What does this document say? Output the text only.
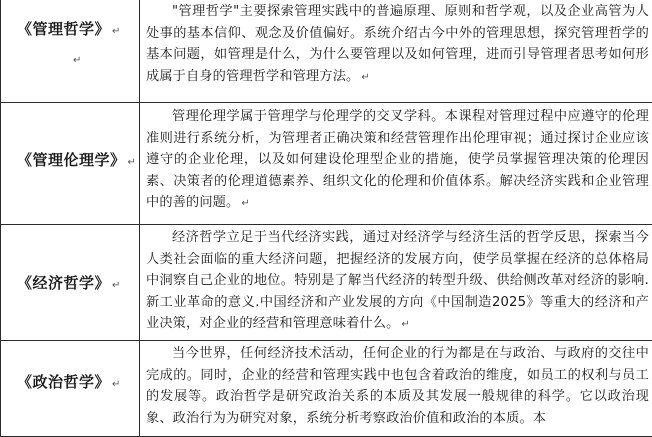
《管理哲学》 ↵
↵	"管理哲学"主要探索管理实践中的普遍原理、原则和哲学观，以及企业高管为人处事的基本信仰、观念及价值偏好。系统介绍古今中外的管理思想，探究管理哲学的基本问题，如管理是什么，为什么要管理以及如何管理，进而引导管理者思考如何形成属于自身的管理哲学和管理方法。 ↵

《管理伦理学》 ↵	管理伦理学属于管理学与伦理学的交叉学科。本课程对管理过程中应遵守的伦理准则进行系统分析，为管理者正确决策和经营管理作出伦理审视；通过探讨企业应该遵守的企业伦理，以及如何建设伦理型企业的措施，使学员掌握管理决策的伦理因素、决策者的伦理道德素养、组织文化的伦理和价值体系。解决经济实践和企业管理中的善的问题。 ↵

《经济哲学》 ↵	经济哲学立足于当代经济实践，通过对经济学与经济生活的哲学反思，探索当今人类社会面临的重大经济问题，把握经济的发展方向，使学员掌握在经济的总体格局中洞察自己企业的地位。特别是了解当代经济的转型升级、供给侧改革对经济的影响.新工业革命的意义.中国经济和产业发展的方向《中国制造2025》等重大的经济和产业决策，对企业的经营和管理意味着什么。 ↵

《政治哲学》 ↵	当今世界，任何经济技术活动，任何企业的行为都是在与政治、与政府的交往中完成的。同时，企业的经营和管理实践中也包含着政治的维度，如员工的权利与员工的发展等。政治哲学是研究政治关系的本质及其发展一般规律的科学。它以政治现象、政治行为为研究对象，系统分析考察政治价值和政治的本质。本
